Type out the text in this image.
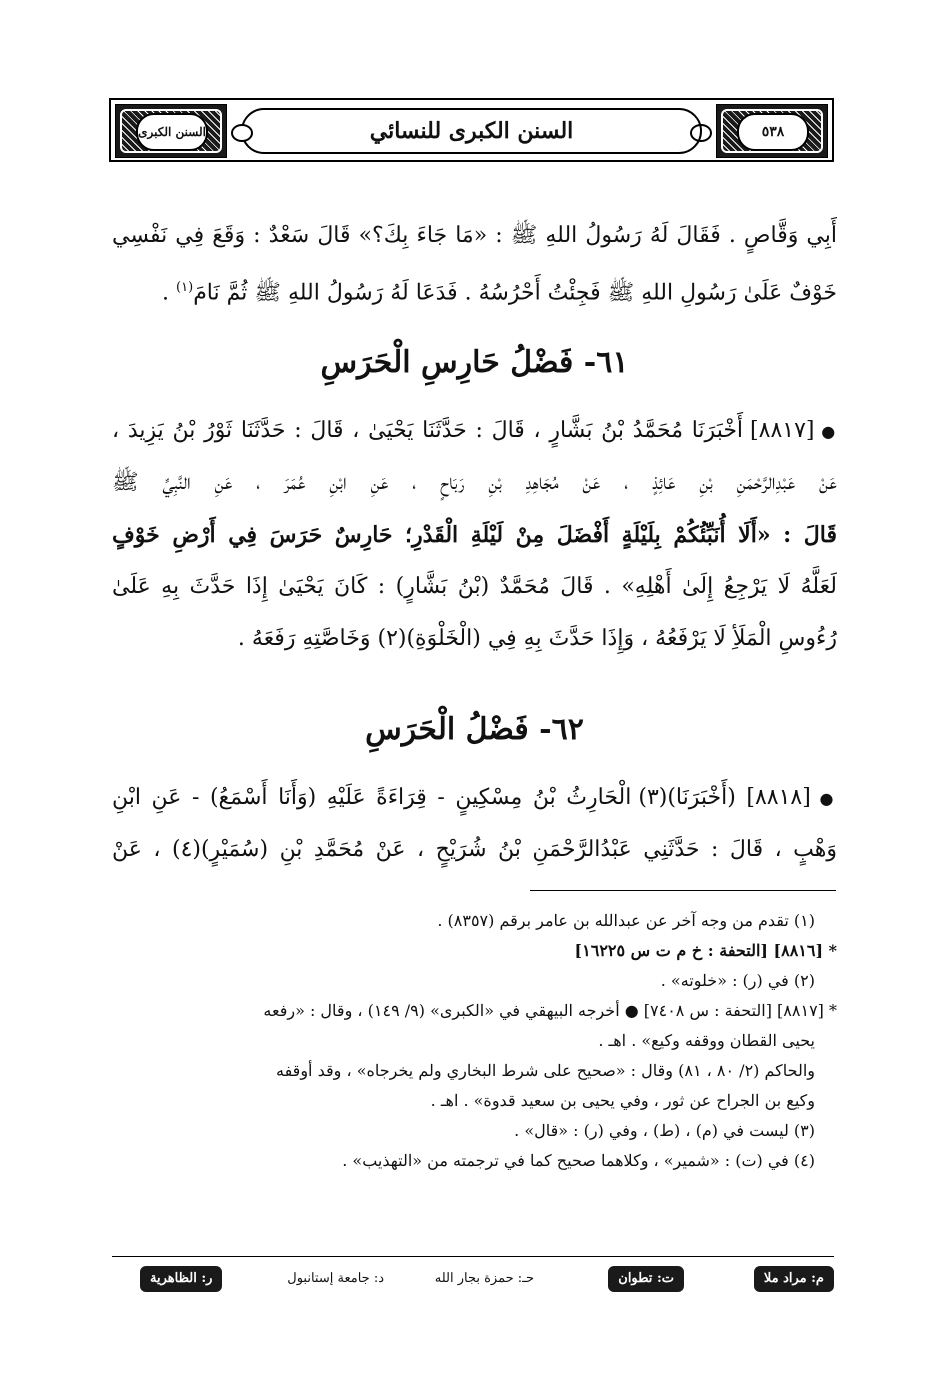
٥٣٨
السنن الكبرى للنسائي
السنن الكبرى
أَبِي وَقَّاصٍ . فَقَالَ لَهُ رَسُولُ اللهِ ﷺ : «مَا جَاءَ بِكَ؟» قَالَ سَعْدٌ : وَقَعَ فِي نَفْسِي
خَوْفٌ عَلَىٰ رَسُولِ اللهِ ﷺ فَجِئْتُ أَحْرُسُهُ . فَدَعَا لَهُ رَسُولُ اللهِ ﷺ ثُمَّ نَامَ$^{(١)}$ .
٦١- فَضْلُ حَارِسِ الْحَرَسِ
● [٨٨١٧] أَخْبَرَنَا مُحَمَّدُ بْنُ بَشَّارٍ ، قَالَ : حَدَّثَنَا يَحْيَىٰ ، قَالَ : حَدَّثَنَا ثَوْرُ بْنُ يَزِيدَ ،
عَنْ عَبْدِالرَّحْمَنِ بْنِ عَائِذٍ ، عَنْ مُجَاهِدِ بْنِ رَبَاحٍ ، عَنِ ابْنِ عُمَرَ ، عَنِ النَّبِيِّ ﷺ
قَالَ : «أَلَا أُنَبِّئُكُمْ بِلَيْلَةٍ أَفْضَلَ مِنْ لَيْلَةِ الْقَدْرِ؛ حَارِسٌ حَرَسَ فِي أَرْضِ خَوْفٍ
لَعَلَّهُ لَا يَرْجِعُ إِلَىٰ أَهْلِهِ» . قَالَ مُحَمَّدٌ (بْنُ بَشَّارٍ) : كَانَ يَحْيَىٰ إِذَا حَدَّثَ بِهِ عَلَىٰ
رُءُوسِ الْمَلَأِ لَا يَرْفَعُهُ ، وَإِذَا حَدَّثَ بِهِ فِي (الْخَلْوَةِ)(٢) وَخَاصَّتِهِ رَفَعَهُ .
٦٢- فَضْلُ الْحَرَسِ
● [٨٨١٨] (أَخْبَرَنَا)(٣) الْحَارِثُ بْنُ مِسْكِينٍ - قِرَاءَةً عَلَيْهِ (وَأَنَا أَسْمَعُ) - عَنِ ابْنِ
وَهْبٍ ، قَالَ : حَدَّثَنِي عَبْدُالرَّحْمَنِ بْنُ شُرَيْحٍ ، عَنْ مُحَمَّدِ بْنِ (سُمَيْرٍ)(٤) ، عَنْ
(١) تقدم من وجه آخر عن عبدالله بن عامر برقم (٨٣٥٧) .
* [٨٨١٦] [التحفة : خ م ت س ١٦٢٢٥]
(٢) في (ر) : «خلوته» .
* [٨٨١٧] [التحفة : س ٧٤٠٨] ● أخرجه البيهقي في «الكبرى» (٩/ ١٤٩) ، وقال : «رفعه
يحيى القطان ووقفه وكيع» . اهـ .
والحاكم (٢/ ٨٠ ، ٨١) وقال : «صحيح على شرط البخاري ولم يخرجاه» ، وقد أوقفه
وكيع بن الجراح عن ثور ، وفي يحيى بن سعيد قدوة» . اهـ .
(٣) ليست في (م) ، (ط) ، وفي (ر) : «قال» .
(٤) في (ت) : «شمير» ، وكلاهما صحيح كما في ترجمته من «التهذيب» .
م: مراد ملا
ت: تطوان
حـ: حمزة بجار الله
د: جامعة إستانبول
ر: الظاهرية
